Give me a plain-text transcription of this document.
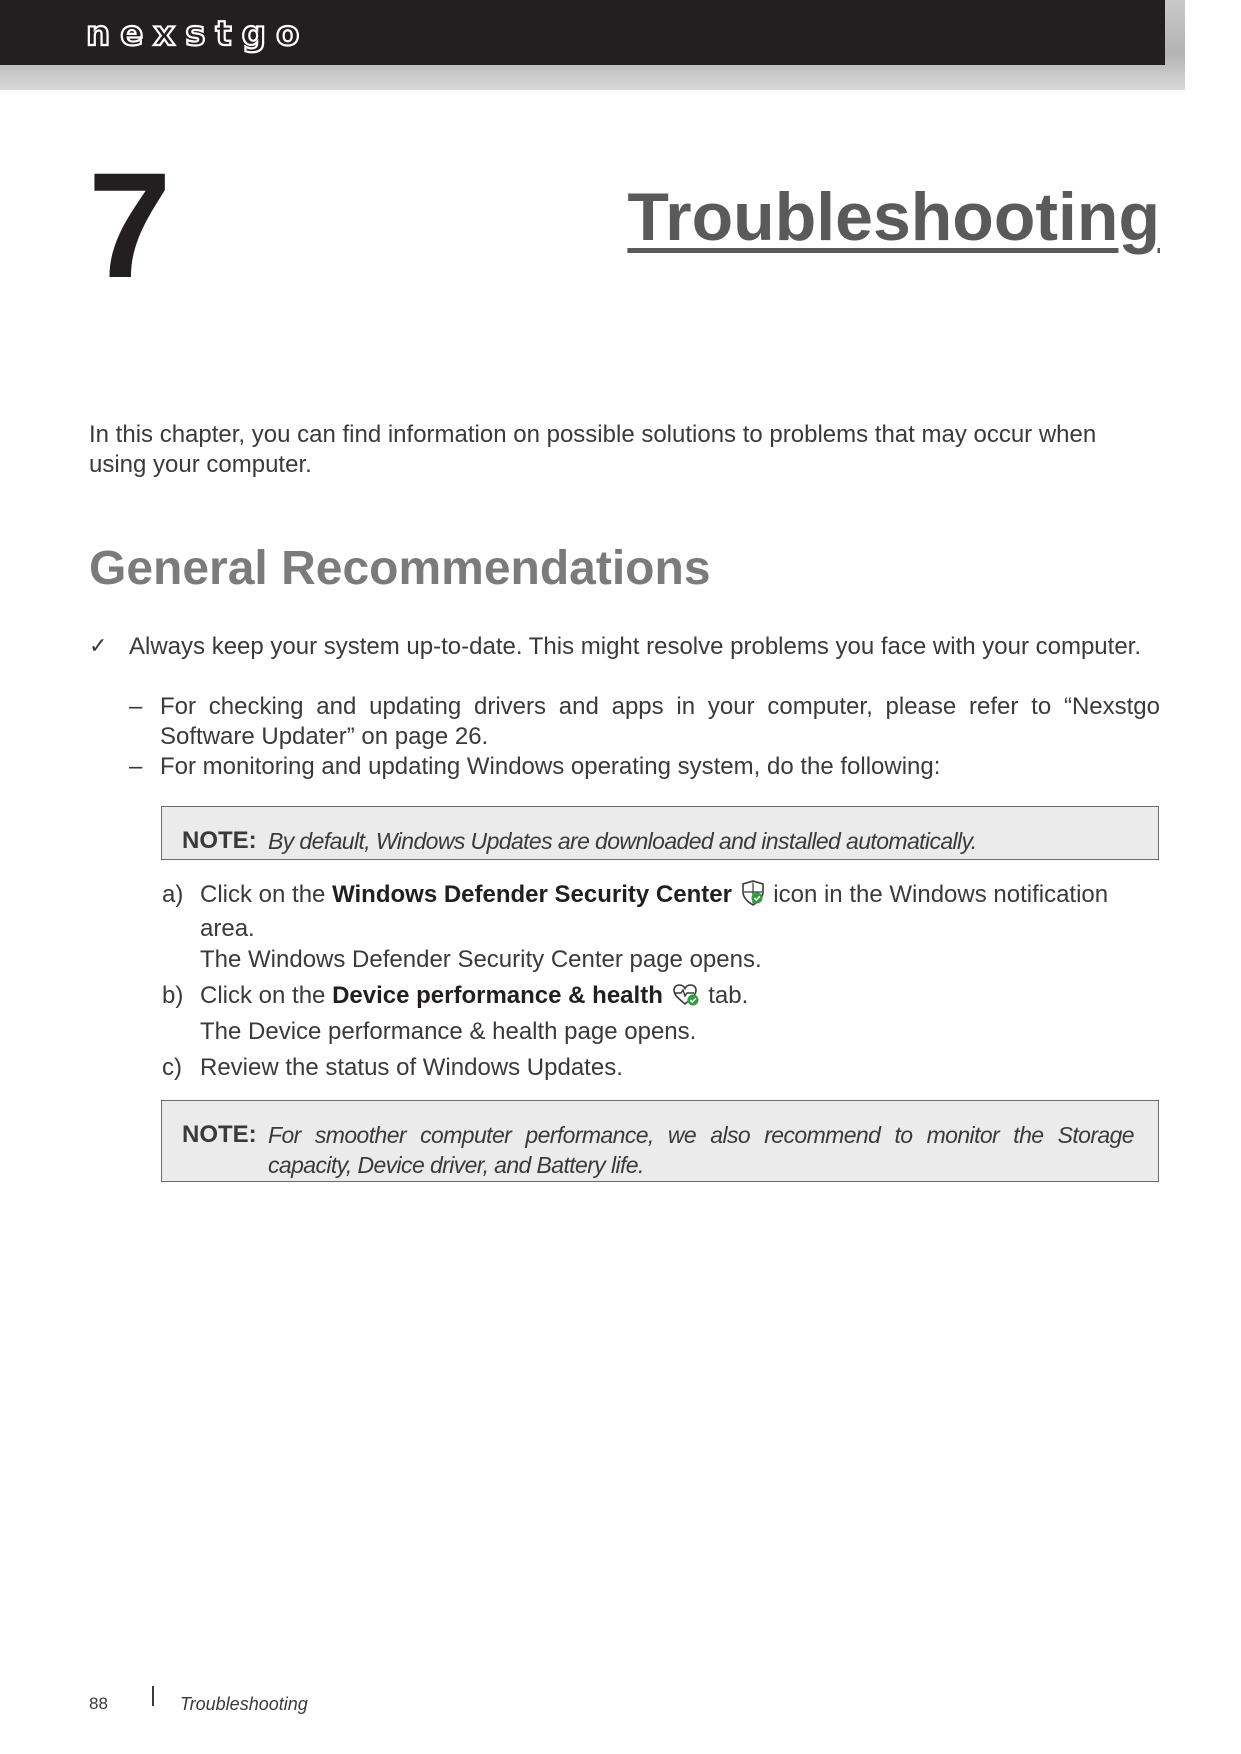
nexstgo
7	Troubleshooting
In this chapter, you can find information on possible solutions to problems that may occur when using your computer.
General Recommendations
✓ Always keep your system up-to-date. This might resolve problems you face with your computer.
– For checking and updating drivers and apps in your computer, please refer to “Nexstgo Software Updater” on page 26.
– For monitoring and updating Windows operating system, do the following:
NOTE: By default, Windows Updates are downloaded and installed automatically.
a) Click on the Windows Defender Security Center icon in the Windows notification area.
The Windows Defender Security Center page opens.
b) Click on the Device performance & health tab.
The Device performance & health page opens.
c) Review the status of Windows Updates.
NOTE: For smoother computer performance, we also recommend to monitor the Storage capacity, Device driver, and Battery life.
88	Troubleshooting
